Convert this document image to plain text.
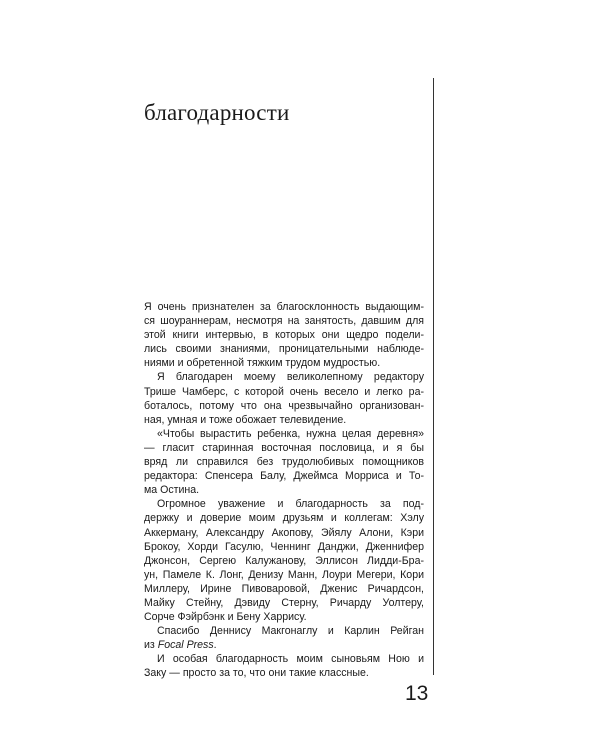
благодарности
Я очень признателен за благосклонность выдающим-
ся шоураннерам, несмотря на занятость, давшим для
этой книги интервью, в которых они щедро подели-
лись своими знаниями, проницательными наблюде-
ниями и обретенной тяжким трудом мудростью.
Я благодарен моему великолепному редактору
Трише Чамберс, с которой очень весело и легко ра-
боталось, потому что она чрезвычайно организован-
ная, умная и тоже обожает телевидение.
«Чтобы вырастить ребенка, нужна целая деревня»
— гласит старинная восточная пословица, и я бы
вряд ли справился без трудолюбивых помощников
редактора: Спенсера Балу, Джеймса Морриса и То-
ма Остина.
Огромное уважение и благодарность за под-
держку и доверие моим друзьям и коллегам: Хэлу
Аккерману, Александру Акопову, Эйялу Алони, Кэри
Брокоу, Хорди Гасулю, Ченнинг Данджи, Дженнифер
Джонсон, Сергею Калужанову, Эллисон Лидди-Бра-
ун, Памеле К. Лонг, Денизу Манн, Лоури Мегери, Кори
Миллеру, Ирине Пивоваровой, Дженис Ричардсон,
Майку Стейну, Дэвиду Стерну, Ричарду Уолтеру,
Сорче Фэйрбэнк и Бену Харрису.
Спасибо Деннису Макгонаглу и Карлин Рейган
из Focal Press.
И особая благодарность моим сыновьям Ною и
Заку — просто за то, что они такие классные.
13
